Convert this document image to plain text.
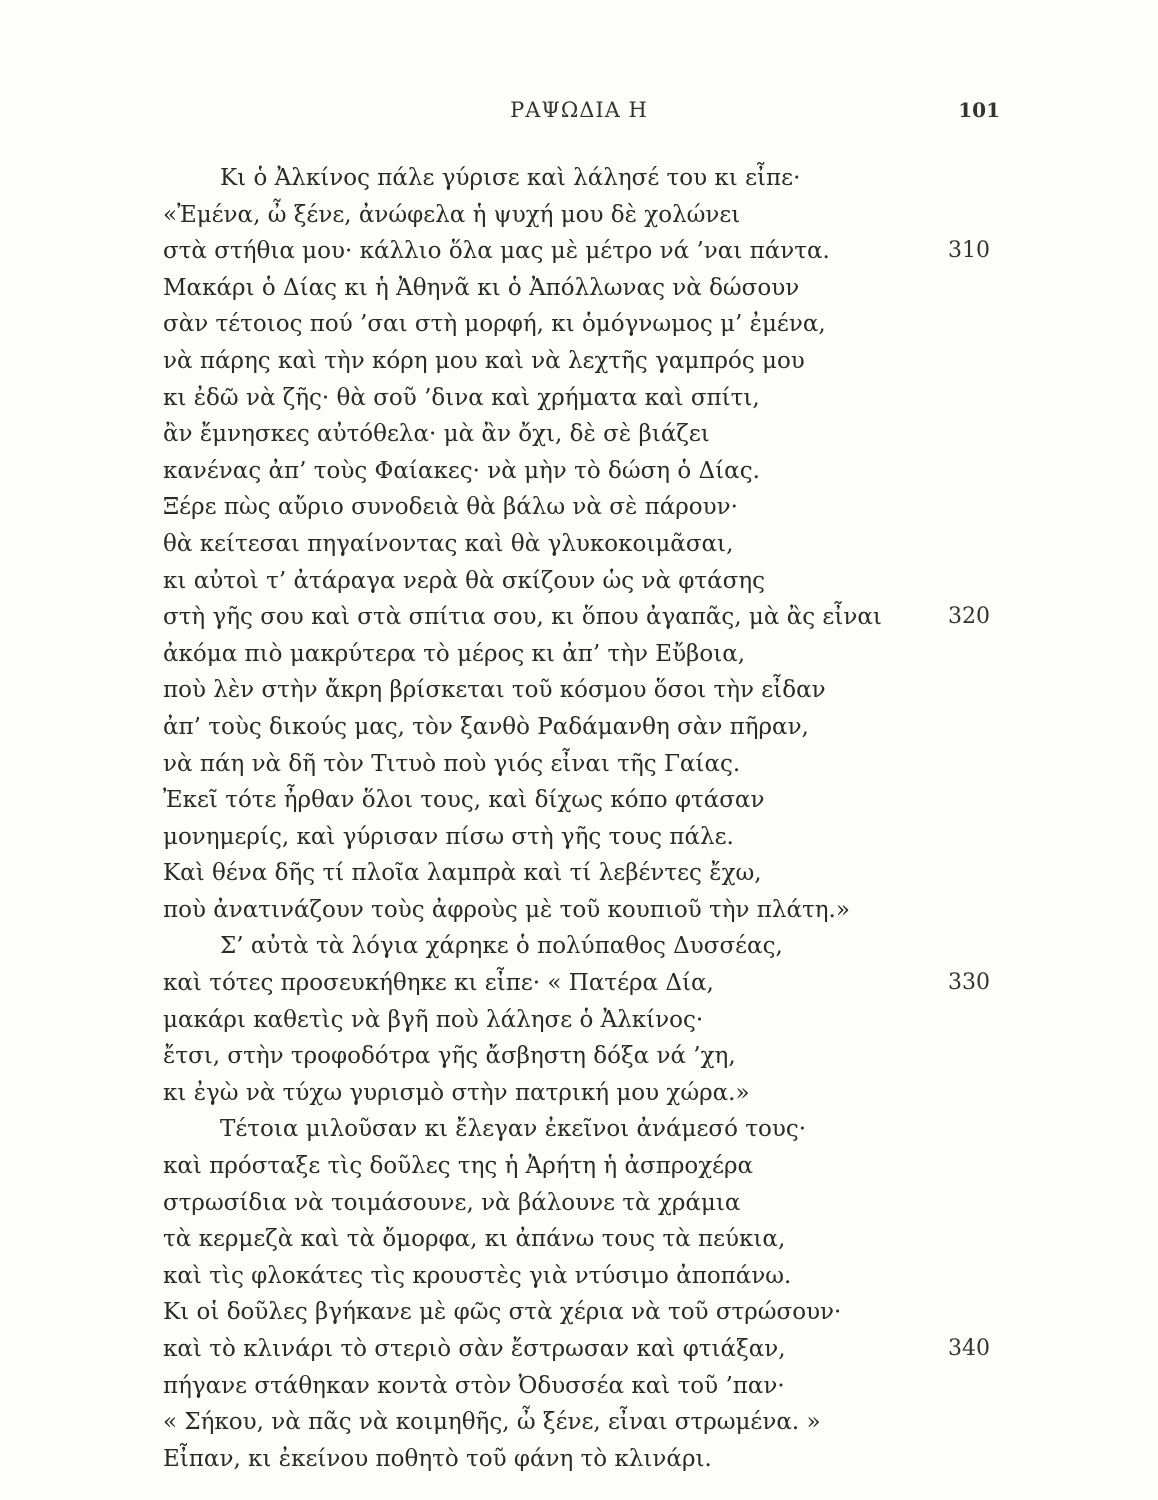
ΡΑΨΩΔΙΑ Η	101
Κι ὁ Ἀλκίνος πάλε γύρισε καὶ λάλησέ του κι εἶπε·
«Ἐμένα, ὦ ξένε, ἀνώφελα ἡ ψυχή μου δὲ χολώνει
στὰ στήθια μου· κάλλιο ὅλα μας μὲ μέτρο νά ’ναι πάντα.	310
Μακάρι ὁ Δίας κι ἡ Ἀθηνᾶ κι ὁ Ἀπόλλωνας νὰ δώσουν
σὰν τέτοιος πού ’σαι στὴ μορφή, κι ὁμόγνωμος μ’ ἐμένα,
νὰ πάρης καὶ τὴν κόρη μου καὶ νὰ λεχτῆς γαμπρός μου
κι ἐδῶ νὰ ζῆς· θὰ σοῦ ’δινα καὶ χρήματα καὶ σπίτι,
ἂν ἔμνησκες αὐτόθελα· μὰ ἂν ὄχι, δὲ σὲ βιάζει
κανένας ἀπ’ τοὺς Φαίακες· νὰ μὴν τὸ δώση ὁ Δίας.
Ξέρε πὼς αὔριο συνοδειὰ θὰ βάλω νὰ σὲ πάρουν·
θὰ κείτεσαι πηγαίνοντας καὶ θὰ γλυκοκοιμᾶσαι,
κι αὐτοὶ τ’ ἀτάραγα νερὰ θὰ σκίζουν ὡς νὰ φτάσης
στὴ γῆς σου καὶ στὰ σπίτια σου, κι ὅπου ἀγαπᾶς, μὰ ἂς εἶναι	320
ἀκόμα πιὸ μακρύτερα τὸ μέρος κι ἀπ’ τὴν Εὔβοια,
ποὺ λὲν στὴν ἄκρη βρίσκεται τοῦ κόσμου ὅσοι τὴν εἶδαν
ἀπ’ τοὺς δικούς μας, τὸν ξανθὸ Ραδάμανθη σὰν πῆραν,
νὰ πάη νὰ δῆ τὸν Τιτυὸ ποὺ γιός εἶναι τῆς Γαίας.
Ἐκεῖ τότε ἦρθαν ὅλοι τους, καὶ δίχως κόπο φτάσαν
μονημερίς, καὶ γύρισαν πίσω στὴ γῆς τους πάλε.
Καὶ θένα δῆς τί πλοῖα λαμπρὰ καὶ τί λεβέντες ἔχω,
ποὺ ἀνατινάζουν τοὺς ἀφροὺς μὲ τοῦ κουπιοῦ τὴν πλάτη.»
Σ’ αὐτὰ τὰ λόγια χάρηκε ὁ πολύπαθος Δυσσέας,
καὶ τότες προσευκήθηκε κι εἶπε· « Πατέρα Δία,	330
μακάρι καθετὶς νὰ βγῆ ποὺ λάλησε ὁ Ἀλκίνος·
ἔτσι, στὴν τροφοδότρα γῆς ἄσβηστη δόξα νά ’χη,
κι ἐγὼ νὰ τύχω γυρισμὸ στὴν πατρική μου χώρα.»
Τέτοια μιλοῦσαν κι ἔλεγαν ἐκεῖνοι ἀνάμεσό τους·
καὶ πρόσταξε τὶς δοῦλες της ἡ Ἀρήτη ἡ ἀσπροχέρα
στρωσίδια νὰ τοιμάσουνε, νὰ βάλουνε τὰ χράμια
τὰ κερμεζὰ καὶ τὰ ὄμορφα, κι ἀπάνω τους τὰ πεύκια,
καὶ τὶς φλοκάτες τὶς κρουστὲς γιὰ ντύσιμο ἀποπάνω.
Κι οἱ δοῦλες βγήκανε μὲ φῶς στὰ χέρια νὰ τοῦ στρώσουν·
καὶ τὸ κλινάρι τὸ στεριὸ σὰν ἔστρωσαν καὶ φτιάξαν,	340
πήγανε στάθηκαν κοντὰ στὸν Ὀδυσσέα καὶ τοῦ ’παν·
« Σήκου, νὰ πᾶς νὰ κοιμηθῆς, ὦ ξένε, εἶναι στρωμένα. »
Εἶπαν, κι ἐκείνου ποθητὸ τοῦ φάνη τὸ κλινάρι.
